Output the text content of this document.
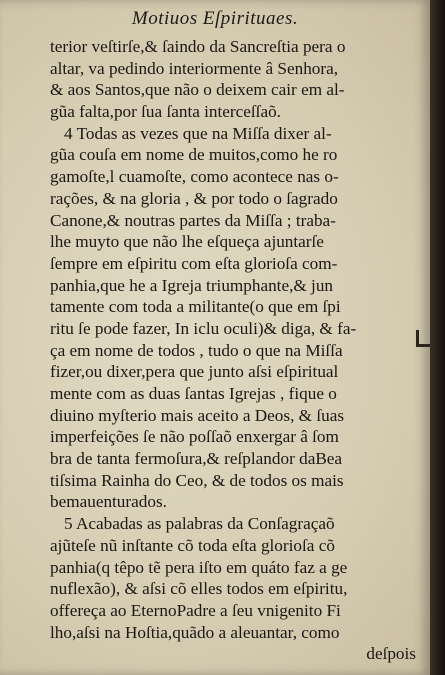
Motiuos Eſpirituaes.
terior veſtirſe,& ſaindo da Sancreſtia pera o
altar, va pedindo interiormente â Senhora,
& aos Santos,que não o deixem cair em al-
gũa falta,por ſua ſanta intercеſſaõ.
4 Todas as vezes que na Miſſa dixer al-
gũa couſa em nome de muitos,como he ro
gamoſte,l cuamoſte, como acontece nas o-
rações, & na gloria , & por todo o ſagrado
Canone,& noutras partes da Miſſa ; traba-
lhe muyto que não lhe eſqueça ajuntarſe
ſempre em eſpiritu com eſta glorioſa com-
panhia,que he a Igreja triumphante,& jun
tamente com toda a militante(o que em ſpi
ritu ſe pode fazer, In iclu oculi)& diga, & fa-
ça em nome de todos , tudo o que na Miſſa
fizer,ou dixer,pera que junto aſsi eſpiritual
mente com as duas ſantas Igrejas , fique o
diuino myſterio mais aceito a Deos, & ſuas
imperfeições ſe não poſſaõ enxergar â ſom
bra de tanta fermoſura,& reſplandor daBea
tiſsima Rainha do Ceo, & de todos os mais
bemauenturados.
5 Acabadas as palabras da Conſagraçaõ
ajũteſe nũ inſtante cõ toda eſta glorioſa cõ
panhia(q têpo tẽ pera iſto em quáto faz a ge
nufleхão), & aſsi cõ elles todos em eſpiritu,
offereça ao EternoPadre a ſeu vnigenito Fi
lho,aſsi na Hoſtia,quãdo a aleuantar, como
deſpois
